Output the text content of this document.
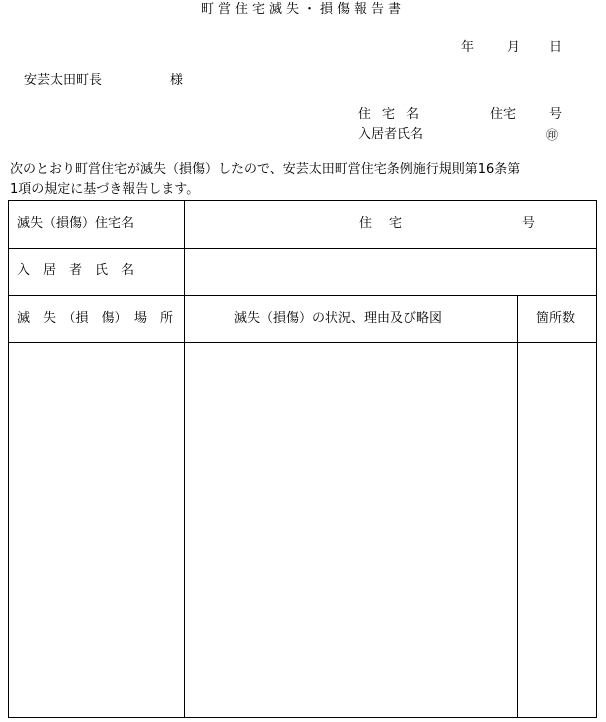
町営住宅滅失・損傷報告書
年	月 日
安芸太田町長	様
住宅名	住宅	号
入居者氏名	㊞
次のとおり町営住宅が滅失（損傷）したので、安芸太田町営住宅条例施行規則第16条第
1項の規定に基づき報告します。
滅失（損傷）住宅名	住　宅	号
入　居　者　氏　名
滅　失　（損　傷）　場　所	滅失（損傷）の状況、理由及び略図	箇所数
